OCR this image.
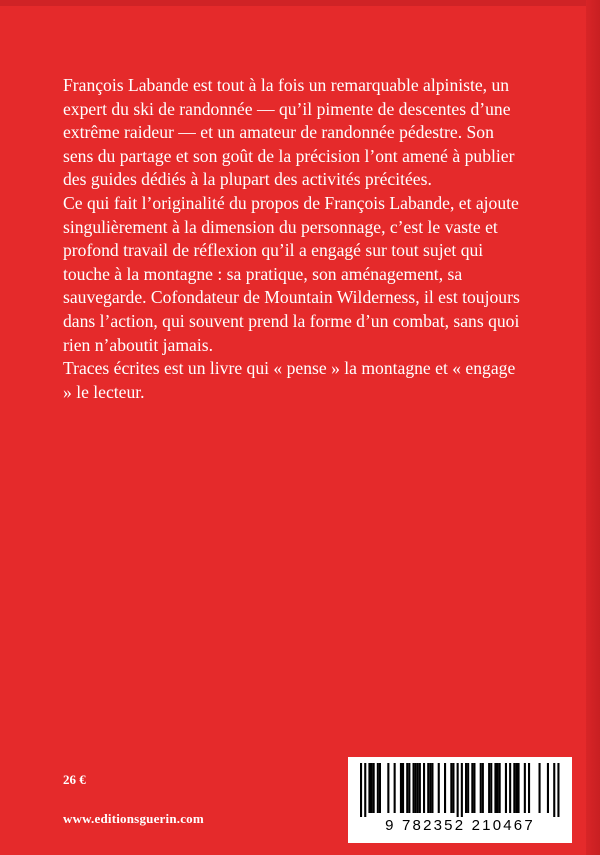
François Labande est tout à la fois un remarquable alpiniste, un expert du ski de randonnée — qu’il pimente de descentes d’une extrême raideur — et un amateur de randonnée pédestre. Son sens du partage et son goût de la précision l’ont amené à publier des guides dédiés à la plupart des activités précitées.

Ce qui fait l’originalité du propos de François Labande, et ajoute singulièrement à la dimension du personnage, c’est le vaste et profond travail de réflexion qu’il a engagé sur tout sujet qui touche à la montagne : sa pratique, son aménagement, sa sauvegarde. Cofondateur de Mountain Wilderness, il est toujours dans l’action, qui souvent prend la forme d’un combat, sans quoi rien n’aboutit jamais.

Traces écrites est un livre qui « pense » la montagne et « engage » le lecteur.

26 €
www.editionsguerin.com	9 782352 210467
